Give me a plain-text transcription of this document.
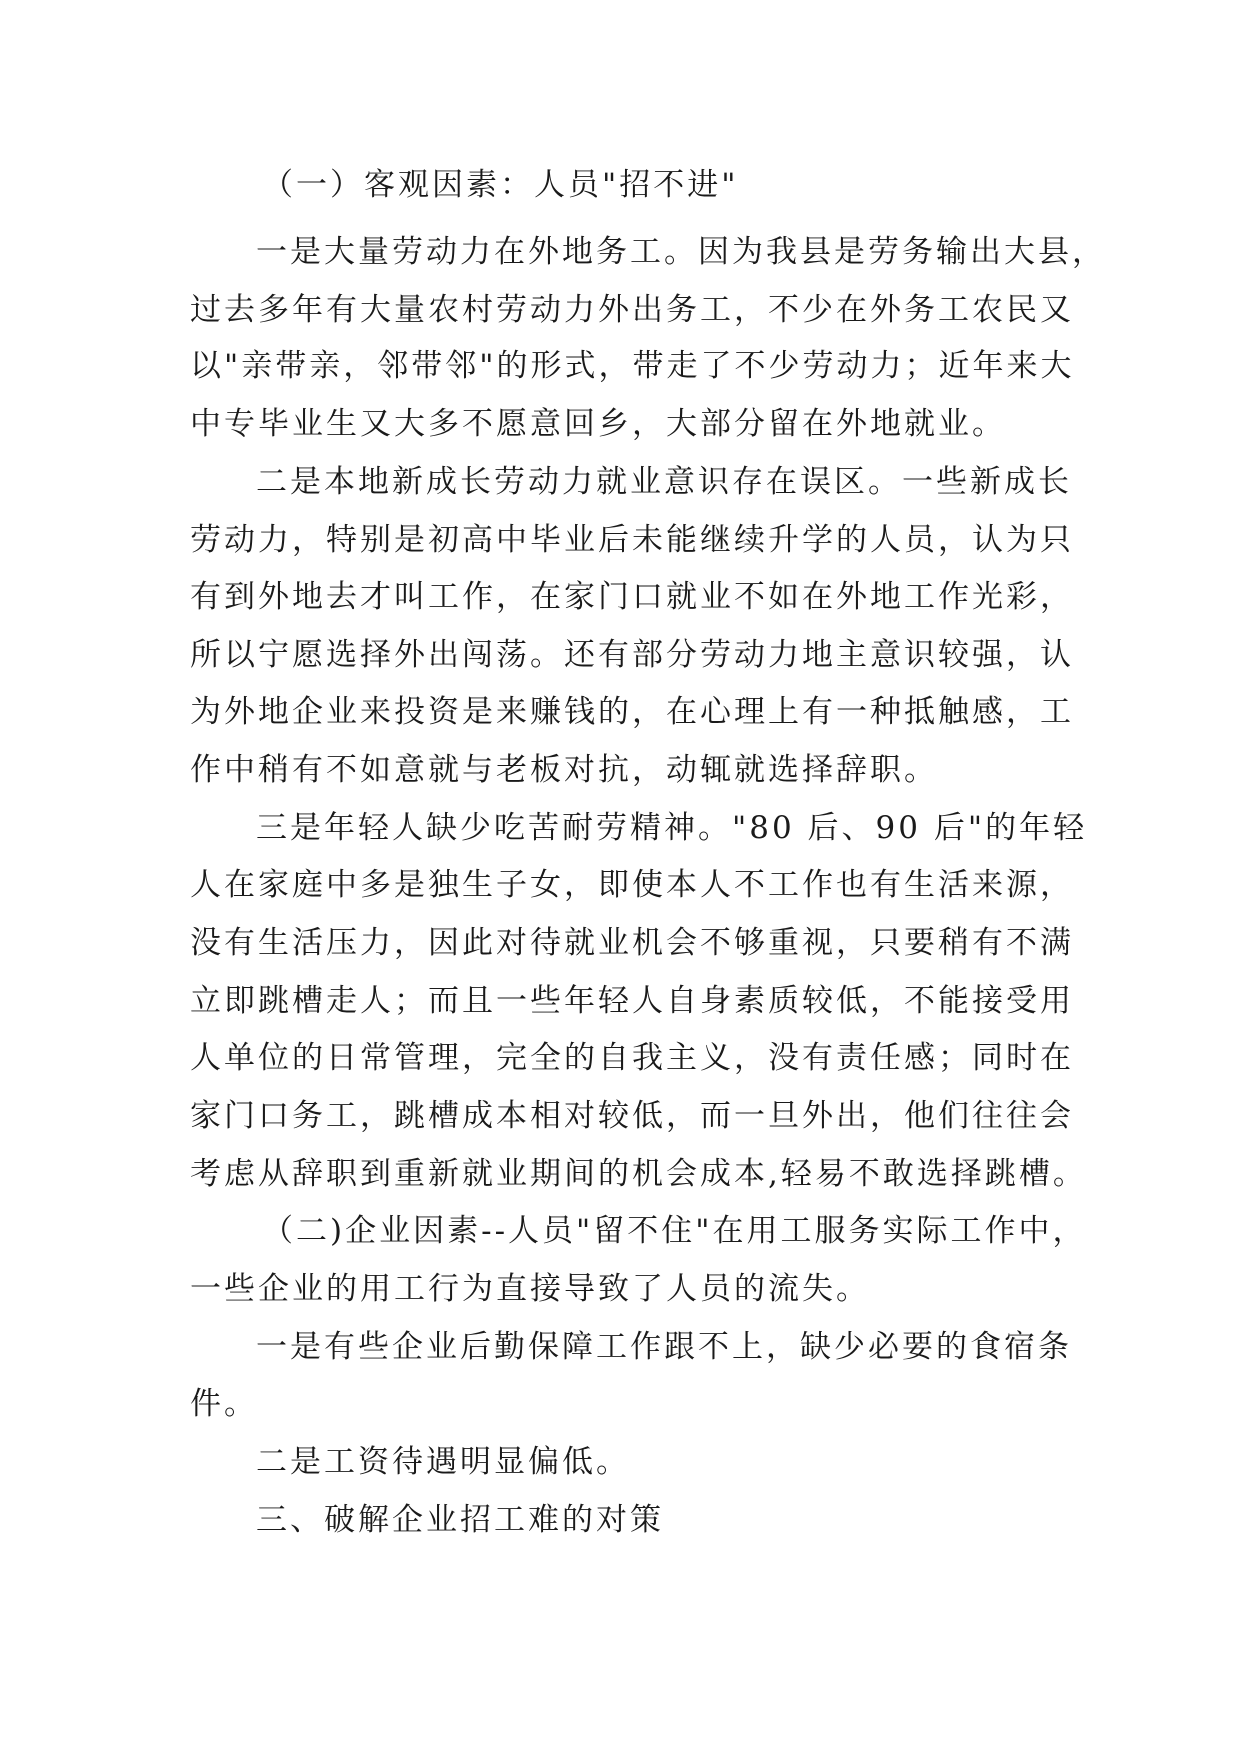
（一）客观因素：人员"招不进"
一是大量劳动力在外地务工。因为我县是劳务输出大县，
过去多年有大量农村劳动力外出务工，不少在外务工农民又
以"亲带亲，邻带邻"的形式，带走了不少劳动力；近年来大
中专毕业生又大多不愿意回乡，大部分留在外地就业。
二是本地新成长劳动力就业意识存在误区。一些新成长
劳动力，特别是初高中毕业后未能继续升学的人员，认为只
有到外地去才叫工作，在家门口就业不如在外地工作光彩，
所以宁愿选择外出闯荡。还有部分劳动力地主意识较强，认
为外地企业来投资是来赚钱的，在心理上有一种抵触感，工
作中稍有不如意就与老板对抗，动辄就选择辞职。
三是年轻人缺少吃苦耐劳精神。"80 后、90 后"的年轻
人在家庭中多是独生子女，即使本人不工作也有生活来源，
没有生活压力，因此对待就业机会不够重视，只要稍有不满
立即跳槽走人；而且一些年轻人自身素质较低，不能接受用
人单位的日常管理，完全的自我主义，没有责任感；同时在
家门口务工，跳槽成本相对较低，而一旦外出，他们往往会
考虑从辞职到重新就业期间的机会成本,轻易不敢选择跳槽。
（二)企业因素--人员"留不住"在用工服务实际工作中，
一些企业的用工行为直接导致了人员的流失。
一是有些企业后勤保障工作跟不上，缺少必要的食宿条
件。
二是工资待遇明显偏低。
三、破解企业招工难的对策
